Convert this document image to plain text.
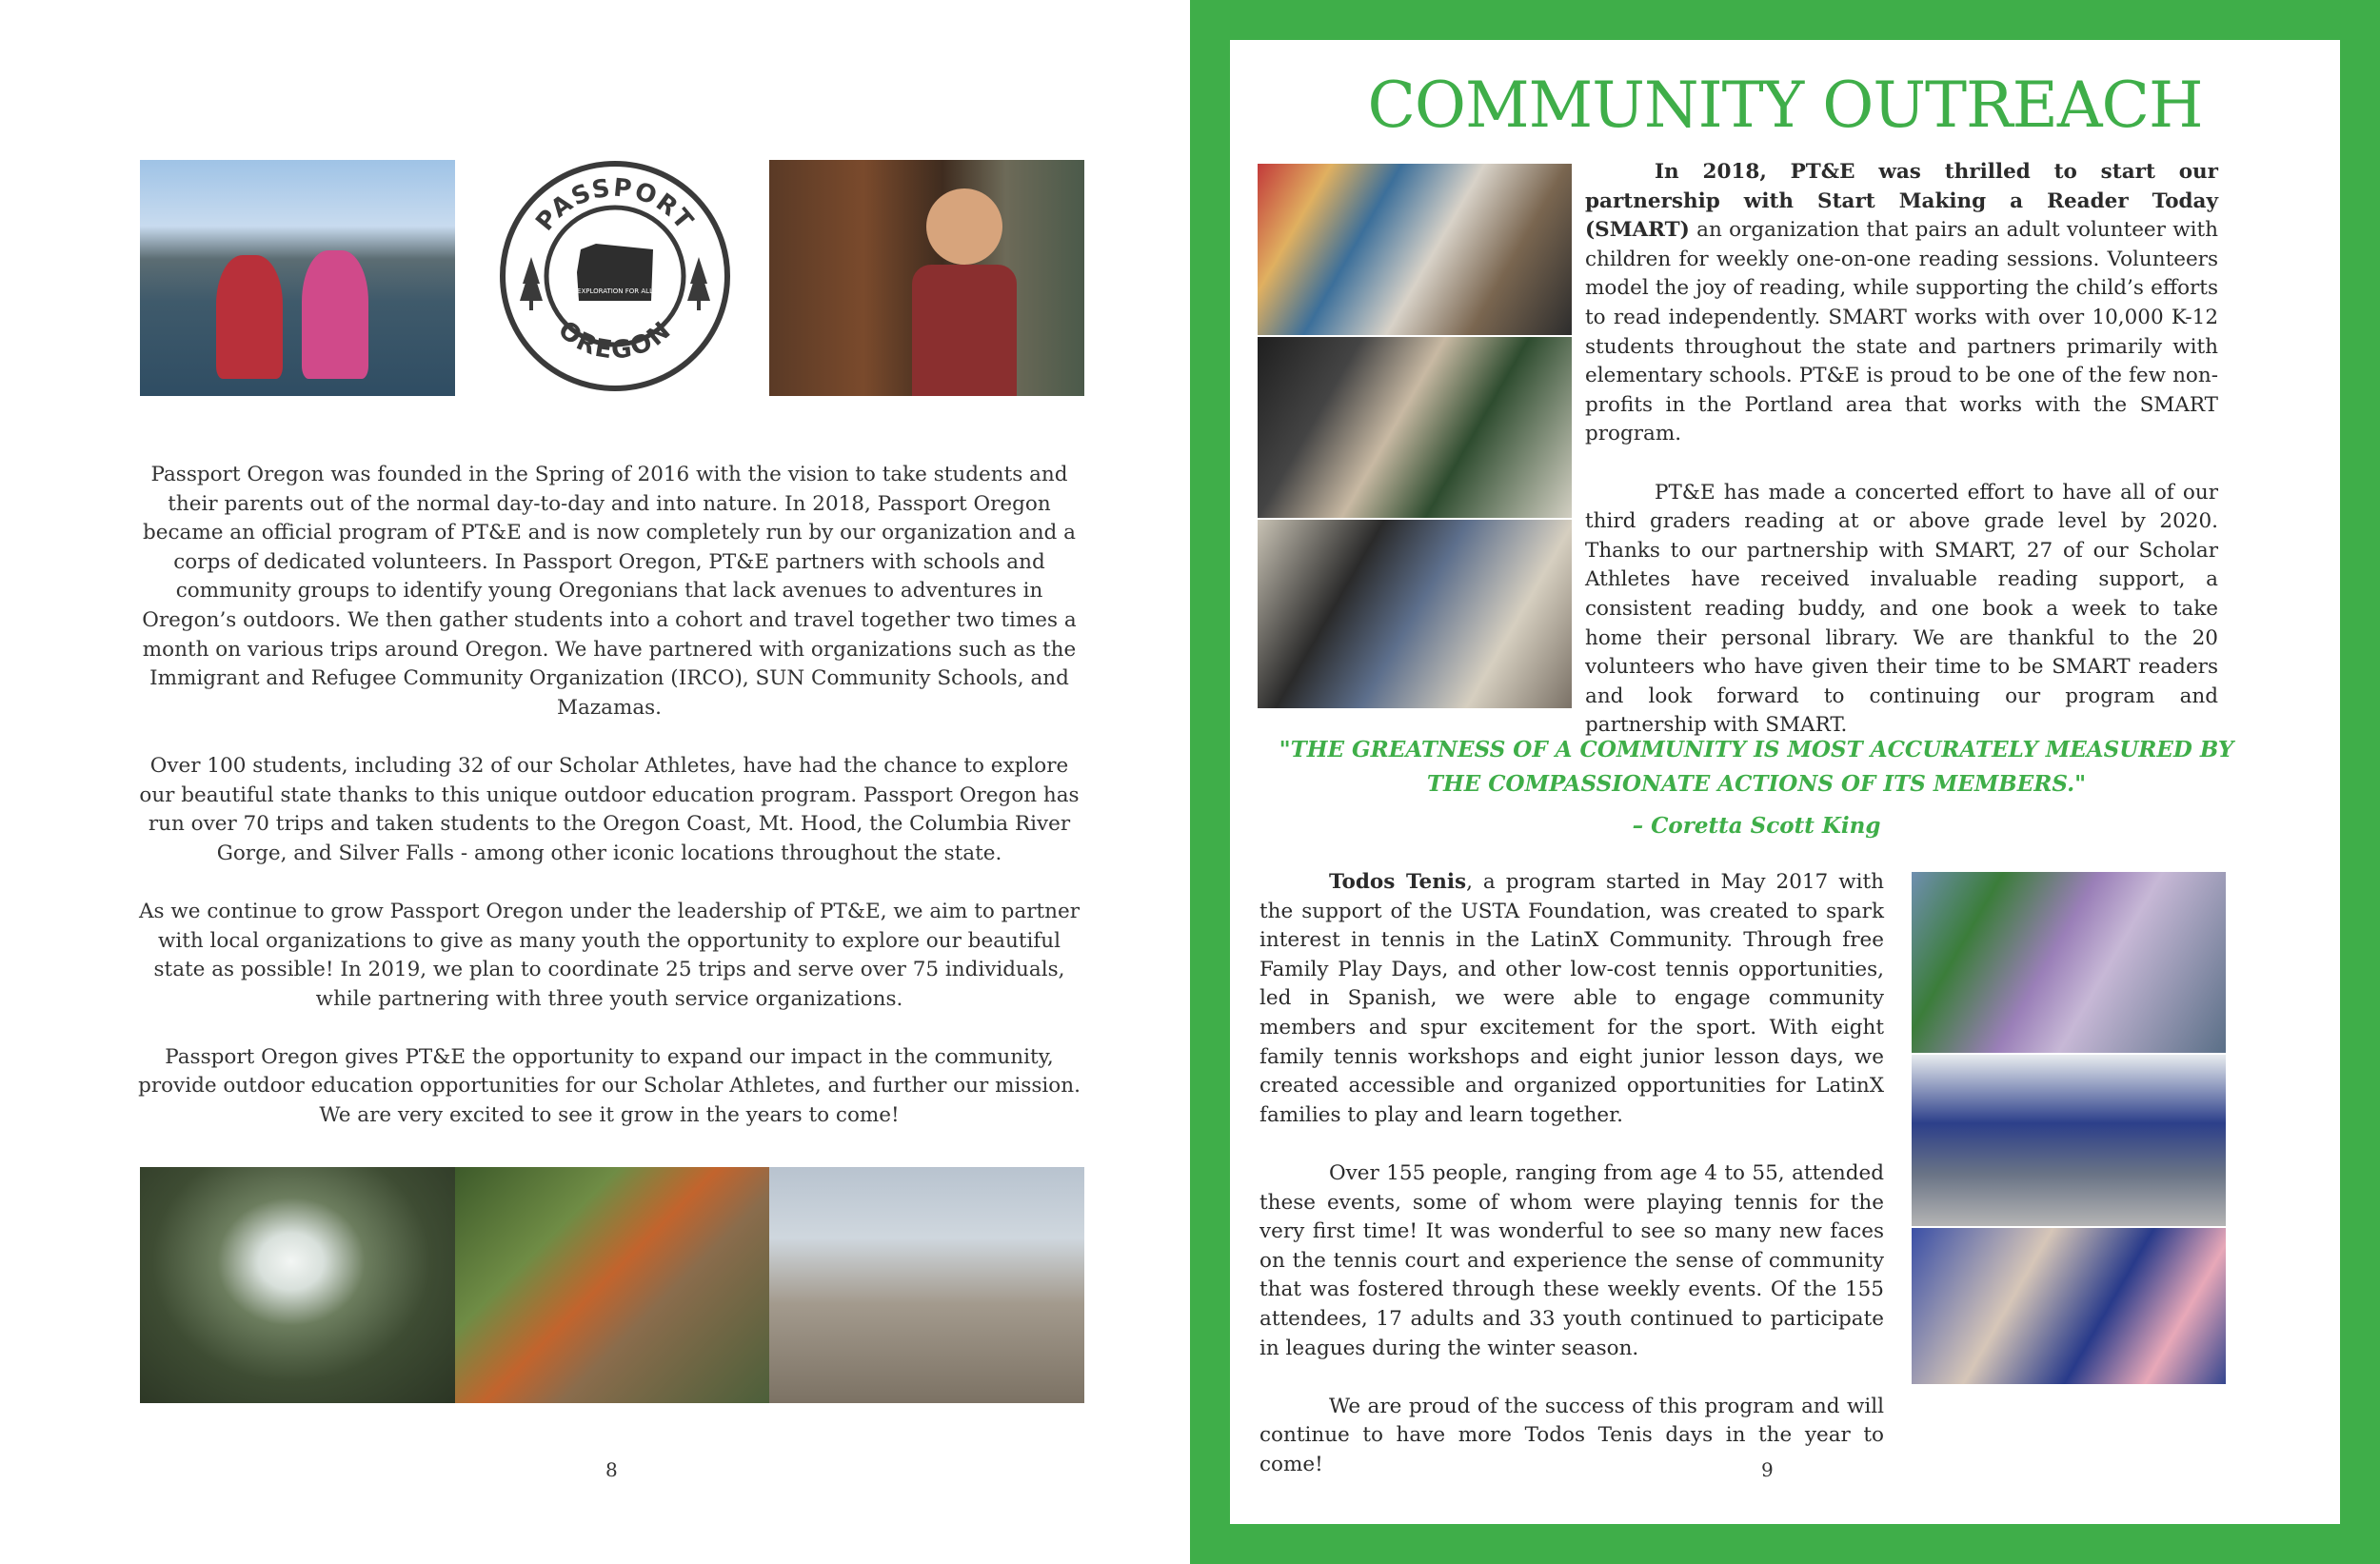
PASSPORT
OREGON
EXPLORATION FOR ALL

Passport Oregon was founded in the Spring of 2016 with the vision to take students and their parents out of the normal day-to-day and into nature. In 2018, Passport Oregon became an official program of PT&E and is now completely run by our organization and a corps of dedicated volunteers. In Passport Oregon, PT&E partners with schools and community groups to identify young Oregonians that lack avenues to adventures in Oregon’s outdoors. We then gather students into a cohort and travel together two times a month on various trips around Oregon. We have partnered with organizations such as the Immigrant and Refugee Community Organization (IRCO), SUN Community Schools, and Mazamas.

Over 100 students, including 32 of our Scholar Athletes, have had the chance to explore our beautiful state thanks to this unique outdoor education program. Passport Oregon has run over 70 trips and taken students to the Oregon Coast, Mt. Hood, the Columbia River Gorge, and Silver Falls - among other iconic locations throughout the state.

As we continue to grow Passport Oregon under the leadership of PT&E, we aim to partner with local organizations to give as many youth the opportunity to explore our beautiful state as possible! In 2019, we plan to coordinate 25 trips and serve over 75 individuals, while partnering with three youth service organizations.

Passport Oregon gives PT&E the opportunity to expand our impact in the community, provide outdoor education opportunities for our Scholar Athletes, and further our mission. We are very excited to see it grow in the years to come!

8
COMMUNITY OUTREACH

In 2018, PT&E was thrilled to start our partnership with Start Making a Reader Today (SMART) an organization that pairs an adult volunteer with children for weekly one-on-one reading sessions. Volunteers model the joy of reading, while supporting the child’s efforts to read independently. SMART works with over 10,000 K-12 students throughout the state and partners primarily with elementary schools. PT&E is proud to be one of the few non-profits in the Portland area that works with the SMART program.

PT&E has made a concerted effort to have all of our third graders reading at or above grade level by 2020. Thanks to our partnership with SMART, 27 of our Scholar Athletes have received invaluable reading support, a consistent reading buddy, and one book a week to take home their personal library. We are thankful to the 20 volunteers who have given their time to be SMART readers and look forward to continuing our program and partnership with SMART.

"THE GREATNESS OF A COMMUNITY IS MOST ACCURATELY MEASURED BY THE COMPASSIONATE ACTIONS OF ITS MEMBERS."
– Coretta Scott King

Todos Tenis, a program started in May 2017 with the support of the USTA Foundation, was created to spark interest in tennis in the LatinX Community. Through free Family Play Days, and other low-cost tennis opportunities, led in Spanish, we were able to engage community members and spur excitement for the sport. With eight family tennis workshops and eight junior lesson days, we created accessible and organized opportunities for LatinX families to play and learn together.

Over 155 people, ranging from age 4 to 55, attended these events, some of whom were playing tennis for the very first time! It was wonderful to see so many new faces on the tennis court and experience the sense of community that was fostered through these weekly events. Of the 155 attendees, 17 adults and 33 youth continued to participate in leagues during the winter season.

We are proud of the success of this program and will continue to have more Todos Tenis days in the year to come!	9
